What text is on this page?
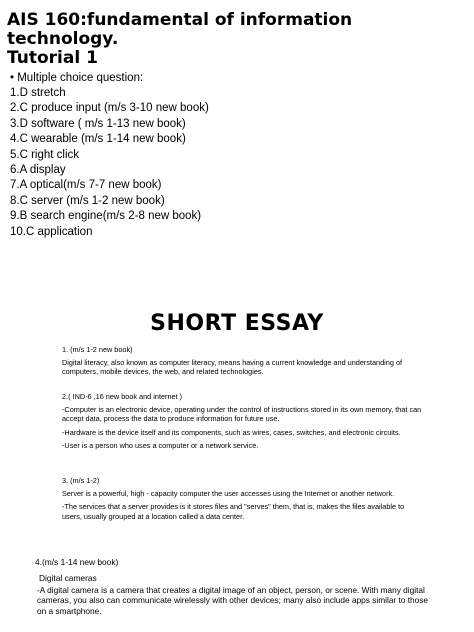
AIS 160:fundamental of information
technology.
Tutorial 1
• Multiple choice question:
1.D stretch
2.C produce input (m/s 3-10 new book)
3.D software ( m/s 1-13 new book)
4.C wearable (m/s 1-14 new book)
5.C right click
6.A display
7.A optical(m/s 7-7 new book)
8.C server (m/s 1-2 new book)
9.B search engine(m/s 2-8 new book)
10.C application
SHORT ESSAY

1. (m/s 1-2 new book)

Digital literacy, also known as computer literacy, means having a current knowledge and understanding of computers, mobile devices, the web, and related technologies.

2.( IND-6 ,16 new book and internet )

-Computer is an electronic device, operating under the control of instructions stored in its own memory, that can accept data, process the data to produce information for future use.

-Hardware is the device itself and its components, such as wires, cases, switches, and electronic circuits.

-User is a person who uses a computer or a network service.

3. (m/s 1-2)

Server is a powerful, high - capacity computer the user accesses using the Internet or another network.

-The services that a server provides is it stores files and "serves" them, that is, makes the files available to users, usually grouped at a location called a data center.

4.(m/s 1-14 new book)
Digital cameras
-A digital camera is a camera that creates a digital image of an object, person, or scene. With many digital cameras, you also can communicate wirelessly with other devices; many also include apps similar to those on a smartphone.
